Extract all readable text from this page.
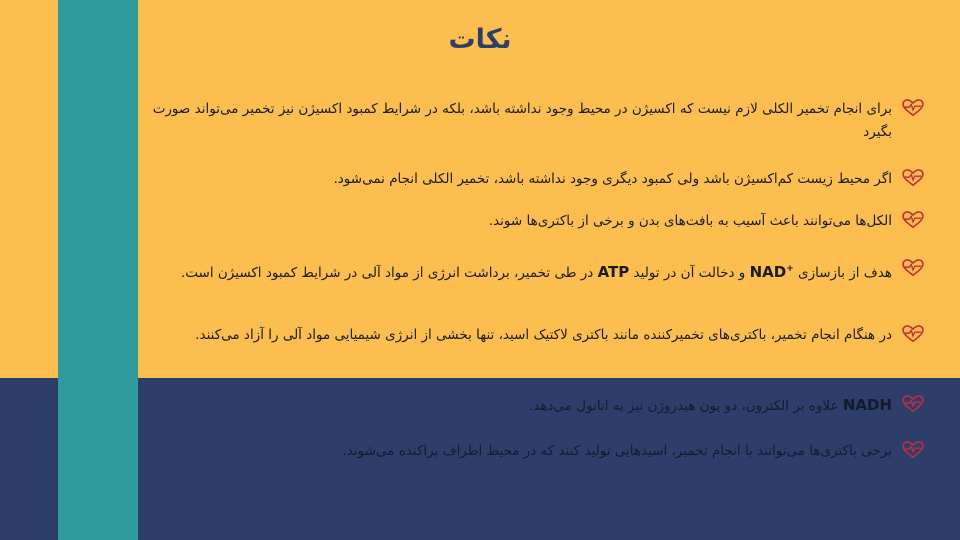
نکات
برای انجام تخمیر الکلی لازم نیست که اکسیژن در محیط وجود نداشته باشد، بلکه در شرایط کمبود اکسیژن نیز تخمیر می‌تواند صورت بگیرد
اگر محیط زیست کم‌اکسیژن باشد ولی کمبود دیگری وجود نداشته باشد، تخمیر الکلی انجام نمی‌شود.
الکل‌ها می‌توانند باعث آسیب به بافت‌های بدن و برخی از باکتری‌ها شوند.
هدف از بازسازی NAD+ و دخالت آن در تولید ATP در طی تخمیر، برداشت انرژی از مواد آلی در شرایط کمبود اکسیژن است.
در هنگام انجام تخمیر، باکتری‌های تخمیرکننده مانند باکتری لاکتیک اسید، تنها بخشی از انرژی شیمیایی مواد آلی را آزاد می‌کنند.
NADH علاوه بر الکترون، دو یون هیدروژن نیز به اتانول می‌دهد.
برخی باکتری‌ها می‌توانند با انجام تخمیر، اسیدهایی تولید کنند که در محیط اطراف پراکنده می‌شوند.
